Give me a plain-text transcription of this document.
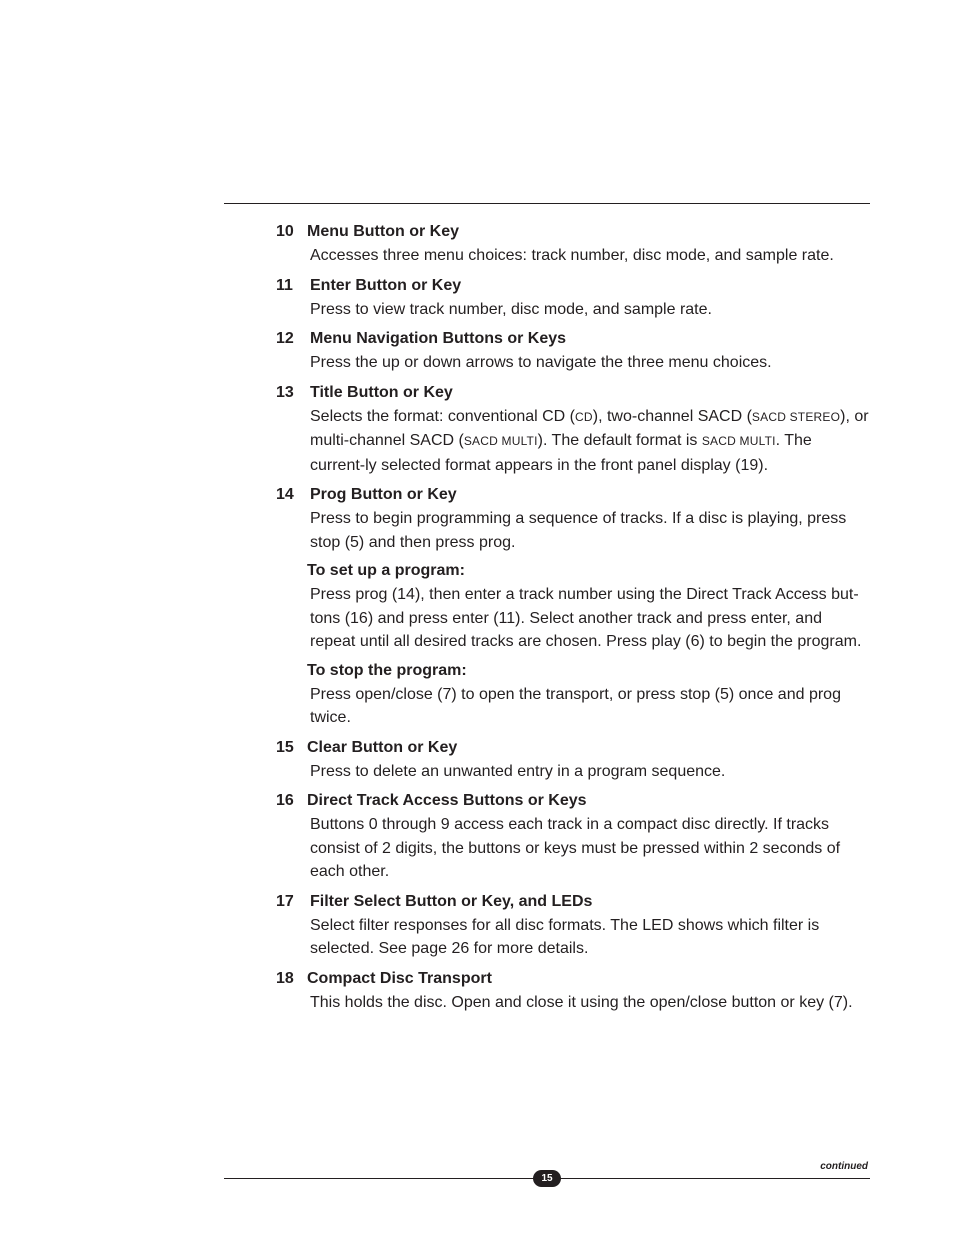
10 Menu Button or Key
Accesses three menu choices: track number, disc mode, and sample rate.
11 Enter Button or Key
Press to view track number, disc mode, and sample rate.
12 Menu Navigation Buttons or Keys
Press the up or down arrows to navigate the three menu choices.
13 Title Button or Key
Selects the format: conventional CD (CD), two-channel SACD (SACD STEREO), or multi-channel SACD (SACD MULTI). The default format is SACD MULTI. The current-ly selected format appears in the front panel display (19).
14 Prog Button or Key
Press to begin programming a sequence of tracks. If a disc is playing, press stop (5) and then press prog.
To set up a program:
Press prog (14), then enter a track number using the Direct Track Access but-tons (16) and press enter (11). Select another track and press enter, and repeat until all desired tracks are chosen. Press play (6) to begin the program.
To stop the program:
Press open/close (7) to open the transport, or press stop (5) once and prog twice.
15 Clear Button or Key
Press to delete an unwanted entry in a program sequence.
16 Direct Track Access Buttons or Keys
Buttons 0 through 9 access each track in a compact disc directly. If tracks consist of 2 digits, the buttons or keys must be pressed within 2 seconds of each other.
17 Filter Select Button or Key, and LEDs
Select filter responses for all disc formats. The LED shows which filter is selected. See page 26 for more details.
18 Compact Disc Transport
This holds the disc. Open and close it using the open/close button or key (7).
continued
15
